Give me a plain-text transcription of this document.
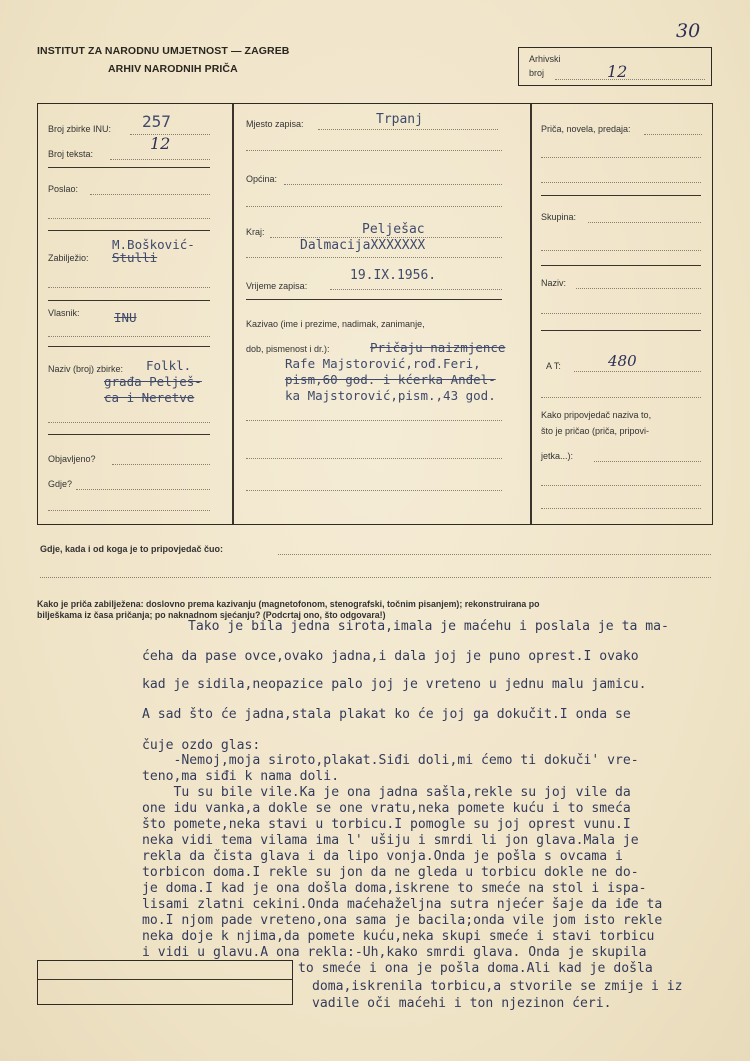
30
INSTITUT ZA NARODNU UMJETNOST — ZAGREB
ARHIV NARODNIH PRIČA
Arhivski
broj	12
Broj zbirke INU: 257
Broj teksta:
12
Poslao:
M.Bošković-
Zabilježio: Stulli
Vlasnik:	INU
Naziv (broj) zbirke: Folkl.
građa Pelješ-
ca i Neretve
Objavljeno?
Gdje?
Mjesto zapisa:	Trpanj
Općina:
Kraj:	Pelješac
DalmacijaXXXXXXX
19.IX.1956.
Vrijeme zapisa:
Kazivao (ime i prezime, nadimak, zanimanje,
dob, pismenost i dr.):	Pričaju naizmjence
Rafe Majstorović,rođ.Feri,
pism,60 god. i kćerka Anđel-
ka Majstorović,pism.,43 god.
Priča, novela, predaja:
Skupina:
Naziv:
A T:	480
Kako pripovjedač naziva to,
što je pričao (priča, pripovi-
jetka...):
Gdje, kada i od koga je to pripovjedač čuo:
Kako je priča zabilježena: doslovno prema kazivanju (magnetofonom, stenografski, točnim pisanjem); rekonstruirana po
bilješkama iz časa pričanja; po naknadnom sjećanju? (Podcrtaj ono, što odgovara!)
Tako je bila jedna sirota,imala je maćehu i poslala je ta ma-
ćeha da pase ovce,ovako jadna,i dala joj je puno oprest.I ovako
kad je sidila,neopazice palo joj je vreteno u jednu malu jamicu.
A sad što će jadna,stala plakat ko će joj ga dokučit.I onda se
čuje ozdo glas:
-Nemoj,moja siroto,plakat.Siđi doli,mi ćemo ti dokuči' vre-
teno,ma siđi k nama doli.
Tu su bile vile.Ka je ona jadna sašla,rekle su joj vile da
one idu vanka,a dokle se one vratu,neka pomete kuću i to smeća
što pomete,neka stavi u torbicu.I pomogle su joj oprest vunu.I
neka vidi tema vilama ima l' ušiju i smrdi li jon glava.Mala je
rekla da čista glava i da lipo vonja.Onda je pošla s ovcama i
torbicon doma.I rekle su jon da ne gleda u torbicu dokle ne do-
je doma.I kad je ona došla doma,iskrene to smeće na stol i ispa-
lisami zlatni cekini.Onda maćehaželjna sutra njećer šaje da iđe ta
mo.I njom pade vreteno,ona sama je bacila;onda vile jom isto rekle
neka doje k njima,da pomete kuću,neka skupi smeće i stavi torbicu
i vidi u glavu.A ona rekla:-Uh,kako smrdi glava. Onda je skupila
to smeće i ona je pošla doma.Ali kad je došla
doma,iskrenila torbicu,a stvorile se zmije i iz
vadile oči maćehi i ton njezinon ćeri.
